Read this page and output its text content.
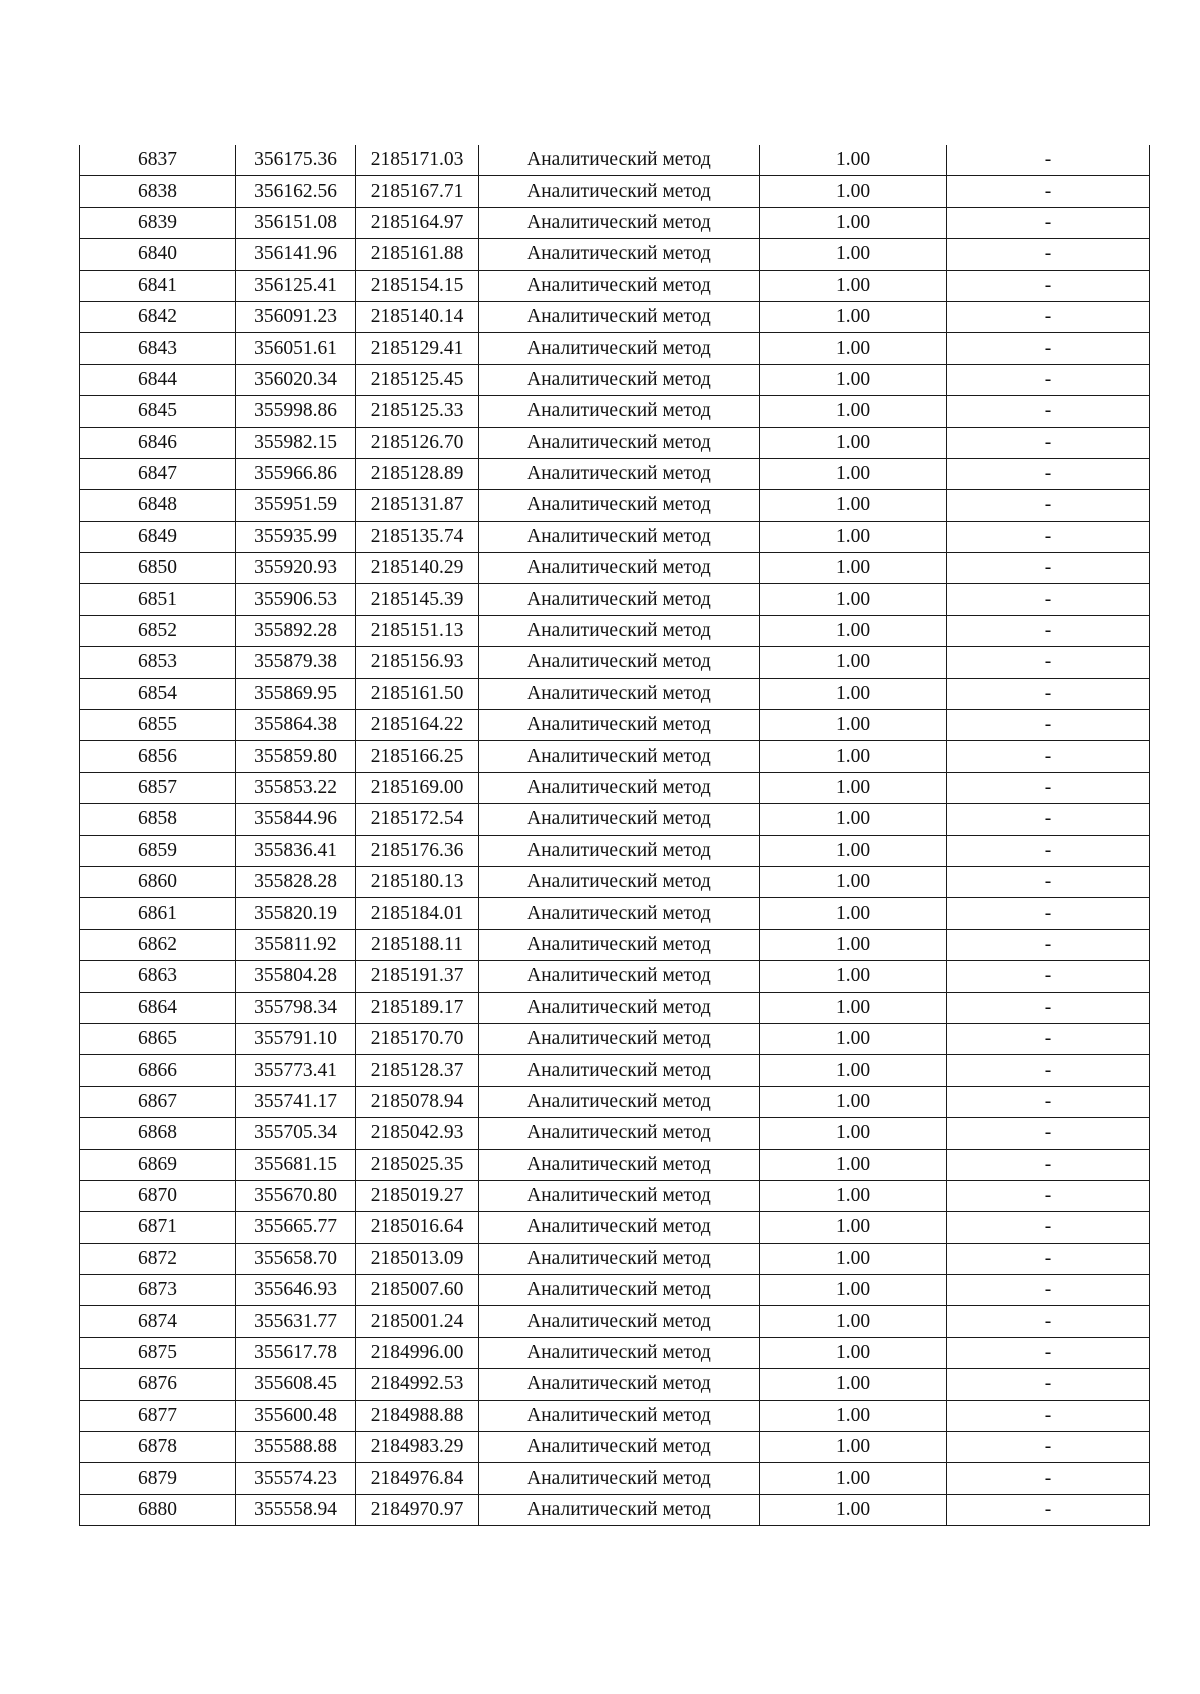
6837	356175.36	2185171.03	Аналитический метод	1.00	-
6838	356162.56	2185167.71	Аналитический метод	1.00	-
6839	356151.08	2185164.97	Аналитический метод	1.00	-
6840	356141.96	2185161.88	Аналитический метод	1.00	-
6841	356125.41	2185154.15	Аналитический метод	1.00	-
6842	356091.23	2185140.14	Аналитический метод	1.00	-
6843	356051.61	2185129.41	Аналитический метод	1.00	-
6844	356020.34	2185125.45	Аналитический метод	1.00	-
6845	355998.86	2185125.33	Аналитический метод	1.00	-
6846	355982.15	2185126.70	Аналитический метод	1.00	-
6847	355966.86	2185128.89	Аналитический метод	1.00	-
6848	355951.59	2185131.87	Аналитический метод	1.00	-
6849	355935.99	2185135.74	Аналитический метод	1.00	-
6850	355920.93	2185140.29	Аналитический метод	1.00	-
6851	355906.53	2185145.39	Аналитический метод	1.00	-
6852	355892.28	2185151.13	Аналитический метод	1.00	-
6853	355879.38	2185156.93	Аналитический метод	1.00	-
6854	355869.95	2185161.50	Аналитический метод	1.00	-
6855	355864.38	2185164.22	Аналитический метод	1.00	-
6856	355859.80	2185166.25	Аналитический метод	1.00	-
6857	355853.22	2185169.00	Аналитический метод	1.00	-
6858	355844.96	2185172.54	Аналитический метод	1.00	-
6859	355836.41	2185176.36	Аналитический метод	1.00	-
6860	355828.28	2185180.13	Аналитический метод	1.00	-
6861	355820.19	2185184.01	Аналитический метод	1.00	-
6862	355811.92	2185188.11	Аналитический метод	1.00	-
6863	355804.28	2185191.37	Аналитический метод	1.00	-
6864	355798.34	2185189.17	Аналитический метод	1.00	-
6865	355791.10	2185170.70	Аналитический метод	1.00	-
6866	355773.41	2185128.37	Аналитический метод	1.00	-
6867	355741.17	2185078.94	Аналитический метод	1.00	-
6868	355705.34	2185042.93	Аналитический метод	1.00	-
6869	355681.15	2185025.35	Аналитический метод	1.00	-
6870	355670.80	2185019.27	Аналитический метод	1.00	-
6871	355665.77	2185016.64	Аналитический метод	1.00	-
6872	355658.70	2185013.09	Аналитический метод	1.00	-
6873	355646.93	2185007.60	Аналитический метод	1.00	-
6874	355631.77	2185001.24	Аналитический метод	1.00	-
6875	355617.78	2184996.00	Аналитический метод	1.00	-
6876	355608.45	2184992.53	Аналитический метод	1.00	-
6877	355600.48	2184988.88	Аналитический метод	1.00	-
6878	355588.88	2184983.29	Аналитический метод	1.00	-
6879	355574.23	2184976.84	Аналитический метод	1.00	-
6880	355558.94	2184970.97	Аналитический метод	1.00	-
